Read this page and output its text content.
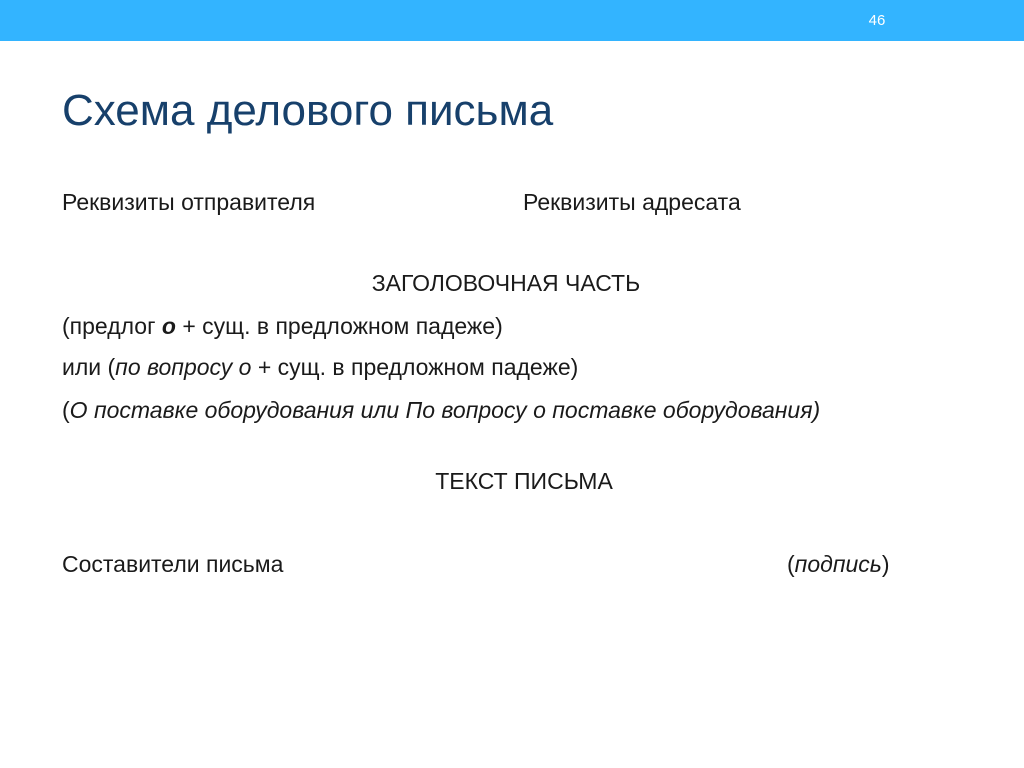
46
Схема делового письма
Реквизиты отправителя	Реквизиты адресата
ЗАГОЛОВОЧНАЯ ЧАСТЬ
(предлог о + сущ. в предложном падеже)
или (по вопросу о + сущ. в предложном падеже)
(О поставке оборудования или По вопросу о поставке оборудования)
ТЕКСТ ПИСЬМА
Составители письма	(подпись)
